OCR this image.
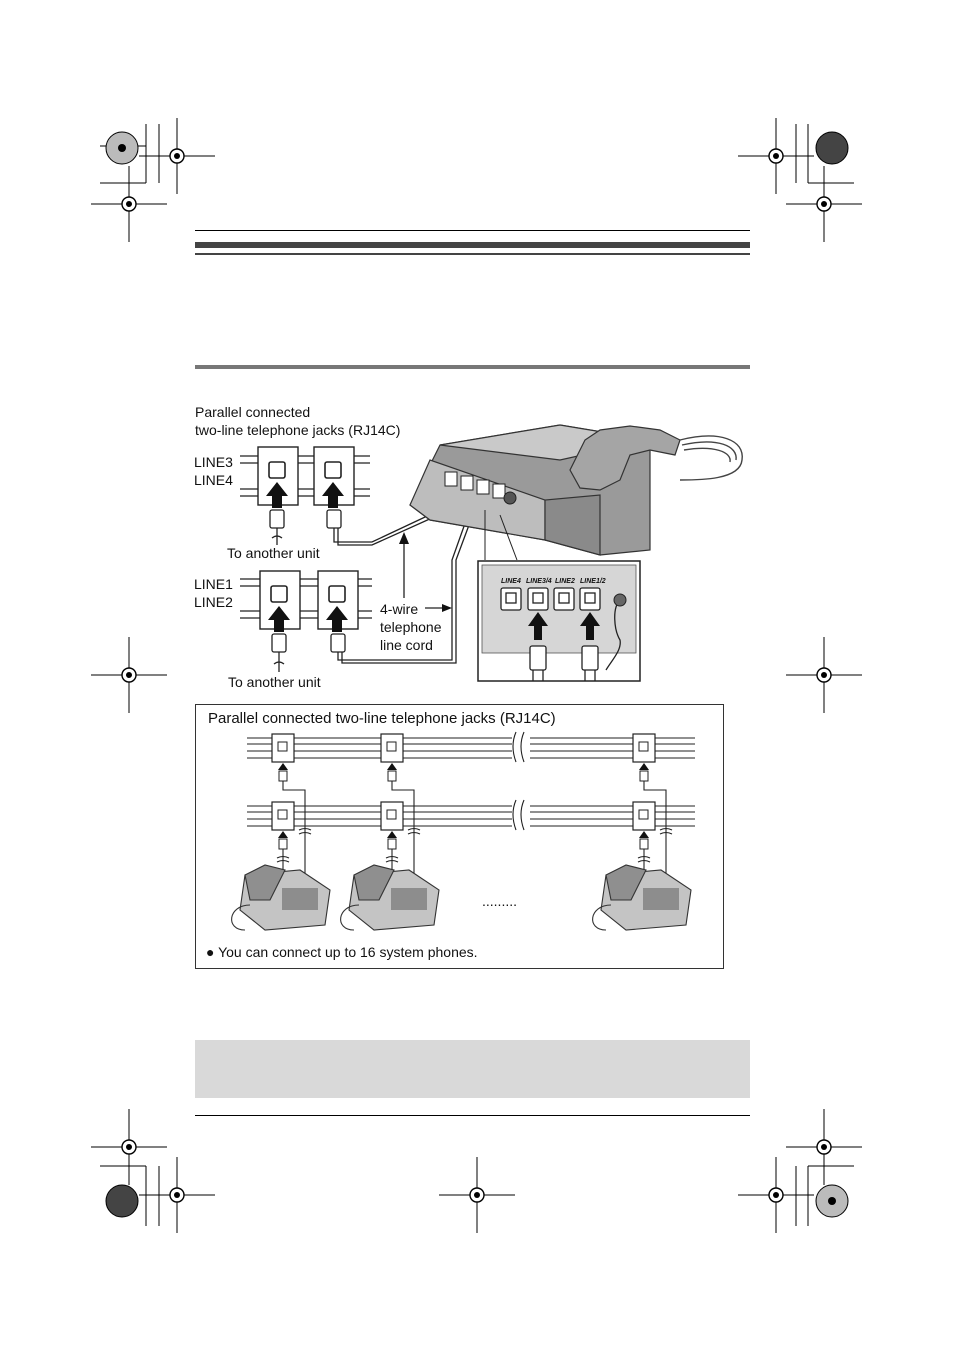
Parallel connected
two-line telephone jacks (RJ14C)
LINE3
LINE4
To another unit
LINE1
LINE2	4-wire
telephone
line cord
To another unit
LINE4 LINE3/4 LINE2 LINE1/2
Parallel connected two-line telephone jacks (RJ14C)
● You can connect up to 16 system phones.
.........
